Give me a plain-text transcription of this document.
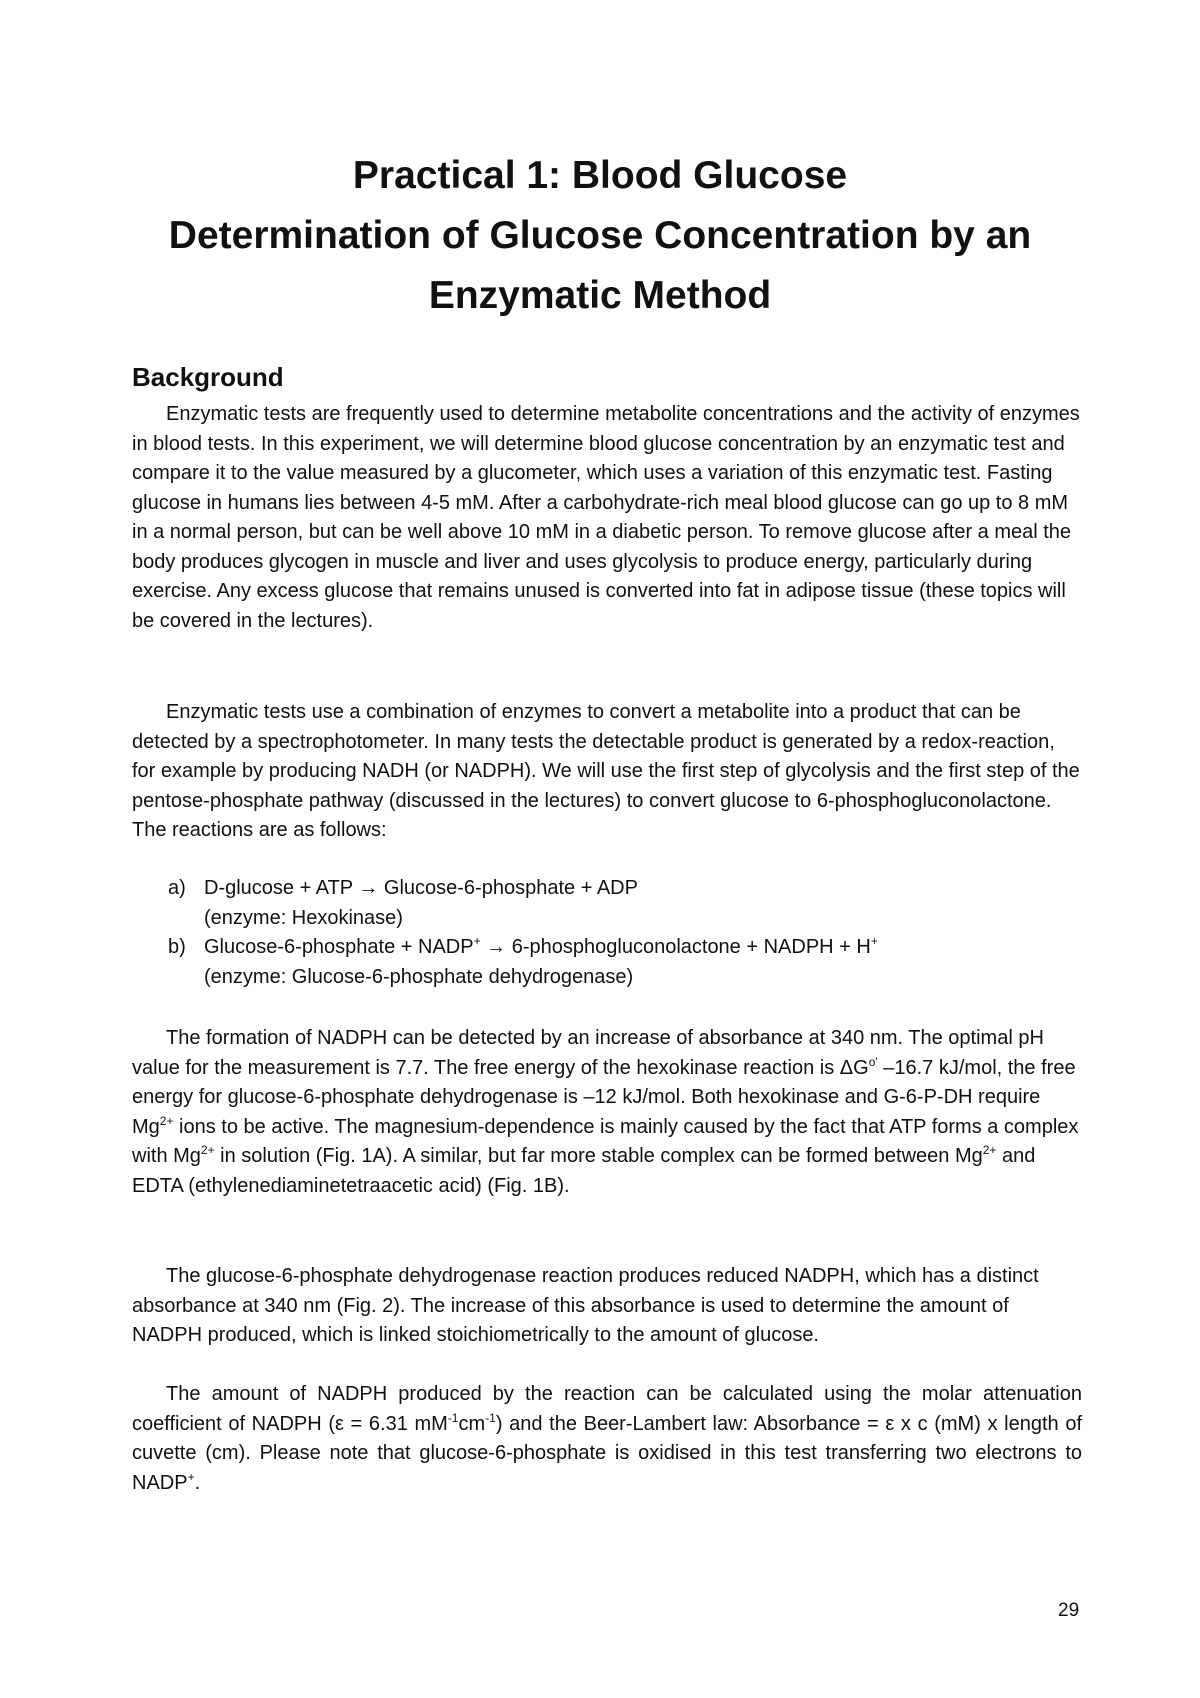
Practical 1: Blood Glucose
Determination of Glucose Concentration by an
Enzymatic Method
Background

Enzymatic tests are frequently used to determine metabolite concentrations and the activity of enzymes in blood tests. In this experiment, we will determine blood glucose concentration by an enzymatic test and compare it to the value measured by a glucometer, which uses a variation of this enzymatic test. Fasting glucose in humans lies between 4-5 mM. After a carbohydrate-rich meal blood glucose can go up to 8 mM in a normal person, but can be well above 10 mM in a diabetic person. To remove glucose after a meal the body produces glycogen in muscle and liver and uses glycolysis to produce energy, particularly during exercise. Any excess glucose that remains unused is converted into fat in adipose tissue (these topics will be covered in the lectures).

Enzymatic tests use a combination of enzymes to convert a metabolite into a product that can be detected by a spectrophotometer. In many tests the detectable product is generated by a redox-reaction, for example by producing NADH (or NADPH). We will use the first step of glycolysis and the first step of the pentose-phosphate pathway (discussed in the lectures) to convert glucose to 6-phosphogluconolactone. The reactions are as follows:

a) D-glucose + ATP → Glucose-6-phosphate + ADP
(enzyme: Hexokinase)
b) Glucose-6-phosphate + NADP+ → 6-phosphogluconolactone + NADPH + H+
(enzyme: Glucose-6-phosphate dehydrogenase)

The formation of NADPH can be detected by an increase of absorbance at 340 nm. The optimal pH value for the measurement is 7.7. The free energy of the hexokinase reaction is $\Delta G^{o'}$ –16.7 kJ/mol, the free energy for glucose-6-phosphate dehydrogenase is –12 kJ/mol. Both hexokinase and G-6-P-DH require $Mg^{2+}$ ions to be active. The magnesium-dependence is mainly caused by the fact that ATP forms a complex with $Mg^{2+}$ in solution (Fig. 1A). A similar, but far more stable complex can be formed between $Mg^{2+}$ and EDTA (ethylenediaminetetraacetic acid) (Fig. 1B).

The glucose-6-phosphate dehydrogenase reaction produces reduced NADPH, which has a distinct absorbance at 340 nm (Fig. 2). The increase of this absorbance is used to determine the amount of NADPH produced, which is linked stoichiometrically to the amount of glucose.

The amount of NADPH produced by the reaction can be calculated using the molar attenuation coefficient of NADPH (ε = 6.31 $mM^{-1}cm^{-1}$) and the Beer-Lambert law: Absorbance = ε x c (mM) x length of cuvette (cm). Please note that glucose-6-phosphate is oxidised in this test transferring two electrons to NADP+.

29
